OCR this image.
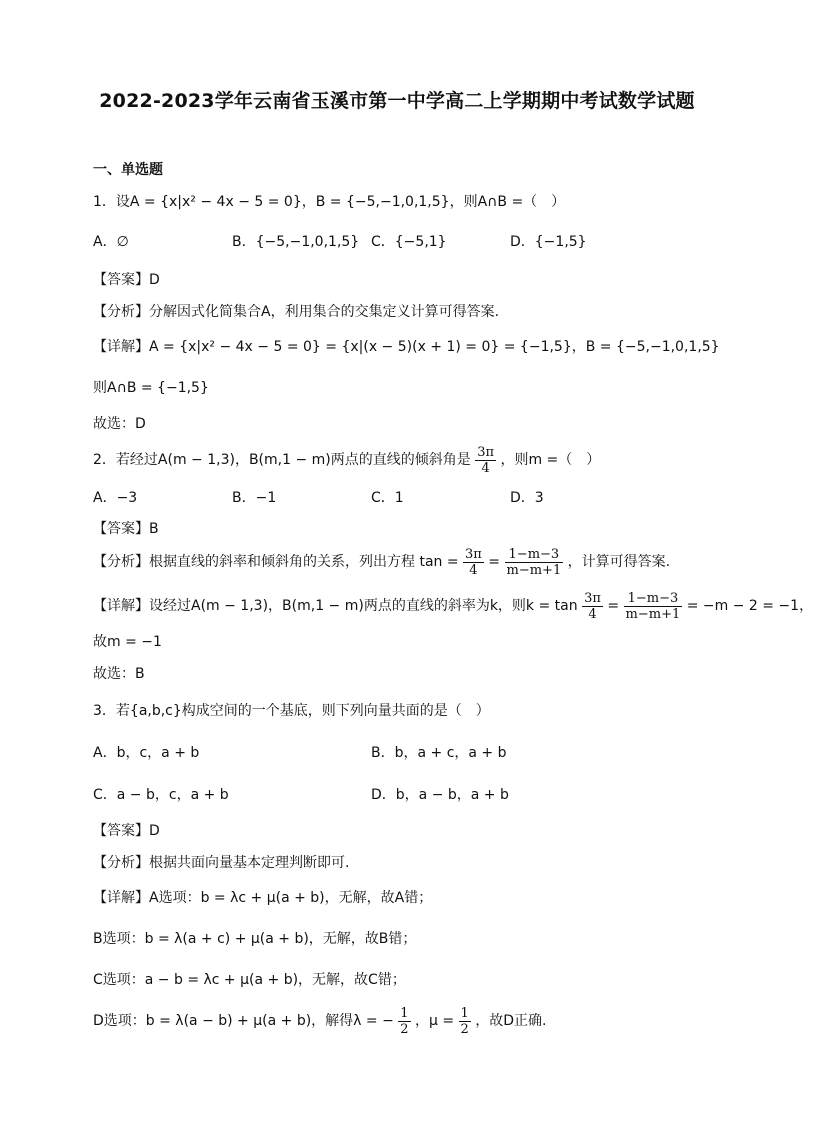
2022-2023学年云南省玉溪市第一中学高二上学期期中考试数学试题
一、单选题
1．设A = {x|x² − 4x − 5 = 0}，B = {−5,−1,0,1,5}，则A∩B =（　）
A．∅	B．{−5,−1,0,1,5} C．{−5,1}	D．{−1,5}
【答案】D
【分析】分解因式化简集合A，利用集合的交集定义计算可得答案.
【详解】A = {x|x² − 4x − 5 = 0} = {x|(x − 5)(x + 1) = 0} = {−1,5}，B = {−5,−1,0,1,5}
则A∩B = {−1,5}
故选：D
2．若经过A(m − 1,3)，B(m,1 − m)两点的直线的倾斜角是 $\frac{3\pi}{4}$ ，则m =（　）
A．−3	B．−1	C．1	D．3
【答案】B
【分析】根据直线的斜率和倾斜角的关系，列出方程 $\tan = \frac{3\pi}{4} = \frac{1-m-3}{m-m+1}$ ，计算可得答案.
【详解】设经过A(m − 1,3)，B(m,1 − m)两点的直线的斜率为k，则$k = \tan \frac{3\pi}{4} = \frac{1-m-3}{m-m+1} = -m - 2 = -1$，
故m = −1
故选：B
3．若{a,b,c}构成空间的一个基底，则下列向量共面的是（　）
A．b，c，a + b	B．b，a + c，a + b
C．a − b，c，a + b	D．b，a − b，a + b
【答案】D
【分析】根据共面向量基本定理判断即可.
【详解】A选项：b = λc + μ(a + b)，无解，故A错；
B选项：b = λ(a + c) + μ(a + b)，无解，故B错；
C选项：a − b = λc + μ(a + b)，无解，故C错；
D选项：b = λ(a − b) + μ(a + b)，解得λ = − $\frac{1}{2}$ ，$\mu = \frac{1}{2}$ ，故D正确.
